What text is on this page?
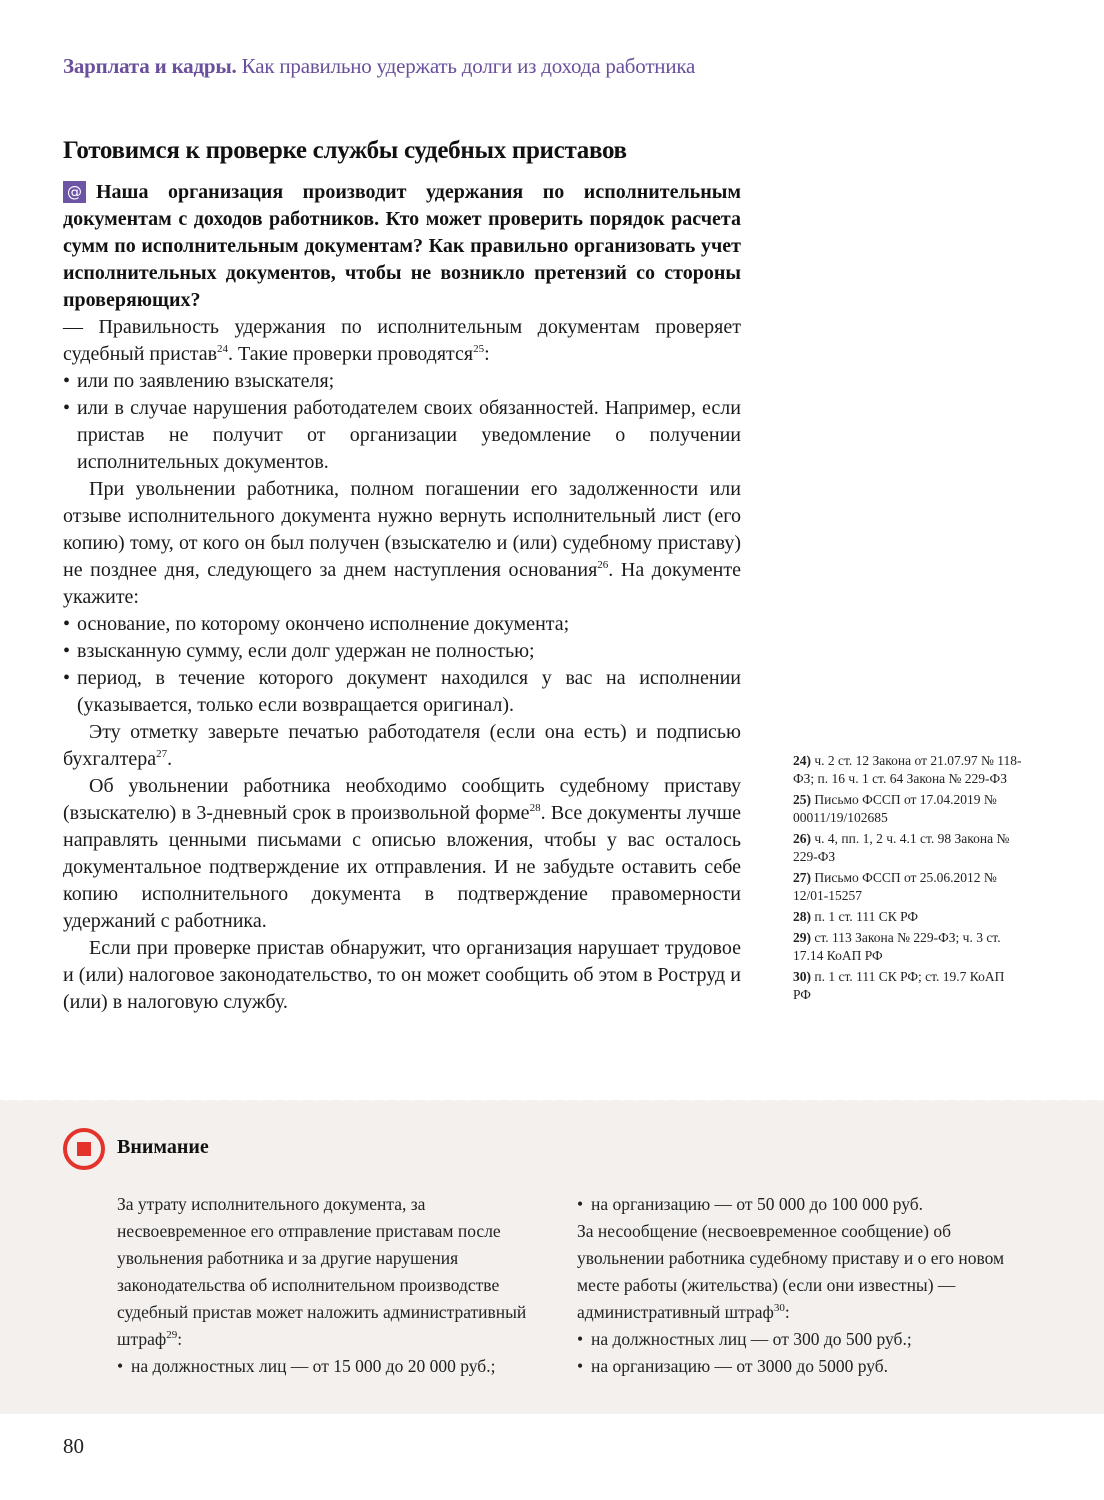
Зарплата и кадры. Как правильно удержать долги из дохода работника
Готовимся к проверке службы судебных приставов

@ Наша организация производит удержания по исполнительным документам с доходов работников. Кто может проверить порядок расчета сумм по исполнительным документам? Как правильно организовать учет исполнительных документов, чтобы не возникло претензий со стороны проверяющих?

— Правильность удержания по исполнительным документам проверяет судебный пристав$^{24}$. Такие проверки проводятся$^{25}$:

• или по заявлению взыскателя;
• или в случае нарушения работодателем своих обязанностей. Например, если пристав не получит от организации уведомление о получении исполнительных документов.

При увольнении работника, полном погашении его задолженности или отзыве исполнительного документа нужно вернуть исполнительный лист (его копию) тому, от кого он был получен (взыскателю и (или) судебному приставу) не позднее дня, следующего за днем наступления основания$^{26}$. На документе укажите:

• основание, по которому окончено исполнение документа;
• взысканную сумму, если долг удержан не полностью;
• период, в течение которого документ находился у вас на исполнении (указывается, только если возвращается оригинал).

Эту отметку заверьте печатью работодателя (если она есть) и подписью бухгалтера$^{27}$.

Об увольнении работника необходимо сообщить судебному приставу (взыскателю) в 3-дневный срок в произвольной форме$^{28}$. Все документы лучше направлять ценными письмами с описью вложения, чтобы у вас осталось документальное подтверждение их отправления. И не забудьте оставить себе копию исполнительного документа в подтверждение правомерности удержаний с работника.

Если при проверке пристав обнаружит, что организация нарушает трудовое и (или) налоговое законодательство, то он может сообщить об этом в Роструд и (или) в налоговую службу.

24) ч. 2 ст. 12 Закона от 21.07.97 № 118-ФЗ; п. 16 ч. 1 ст. 64 Закона № 229-ФЗ
25) Письмо ФССП от 17.04.2019 № 00011/19/102685
26) ч. 4, пп. 1, 2 ч. 4.1 ст. 98 Закона № 229-ФЗ
27) Письмо ФССП от 25.06.2012 № 12/01-15257
28) п. 1 ст. 111 СК РФ
29) ст. 113 Закона № 229-ФЗ; ч. 3 ст. 17.14 КоАП РФ
30) п. 1 ст. 111 СК РФ; ст. 19.7 КоАП РФ
Внимание

За утрату исполнительного документа, за несвоевременное его отправление приставам после увольнения работника и за другие нарушения законодательства об исполнительном производстве судебный пристав может наложить административный штраф$^{29}$:

• на должностных лиц — от 15 000 до 20 000 руб.;
• на организацию — от 50 000 до 100 000 руб.

За несообщение (несвоевременное сообщение) об увольнении работника судебному приставу и о его новом месте работы (жительства) (если они известны) — административный штраф$^{30}$:

• на должностных лиц — от 300 до 500 руб.;
• на организацию — от 3000 до 5000 руб.
80
